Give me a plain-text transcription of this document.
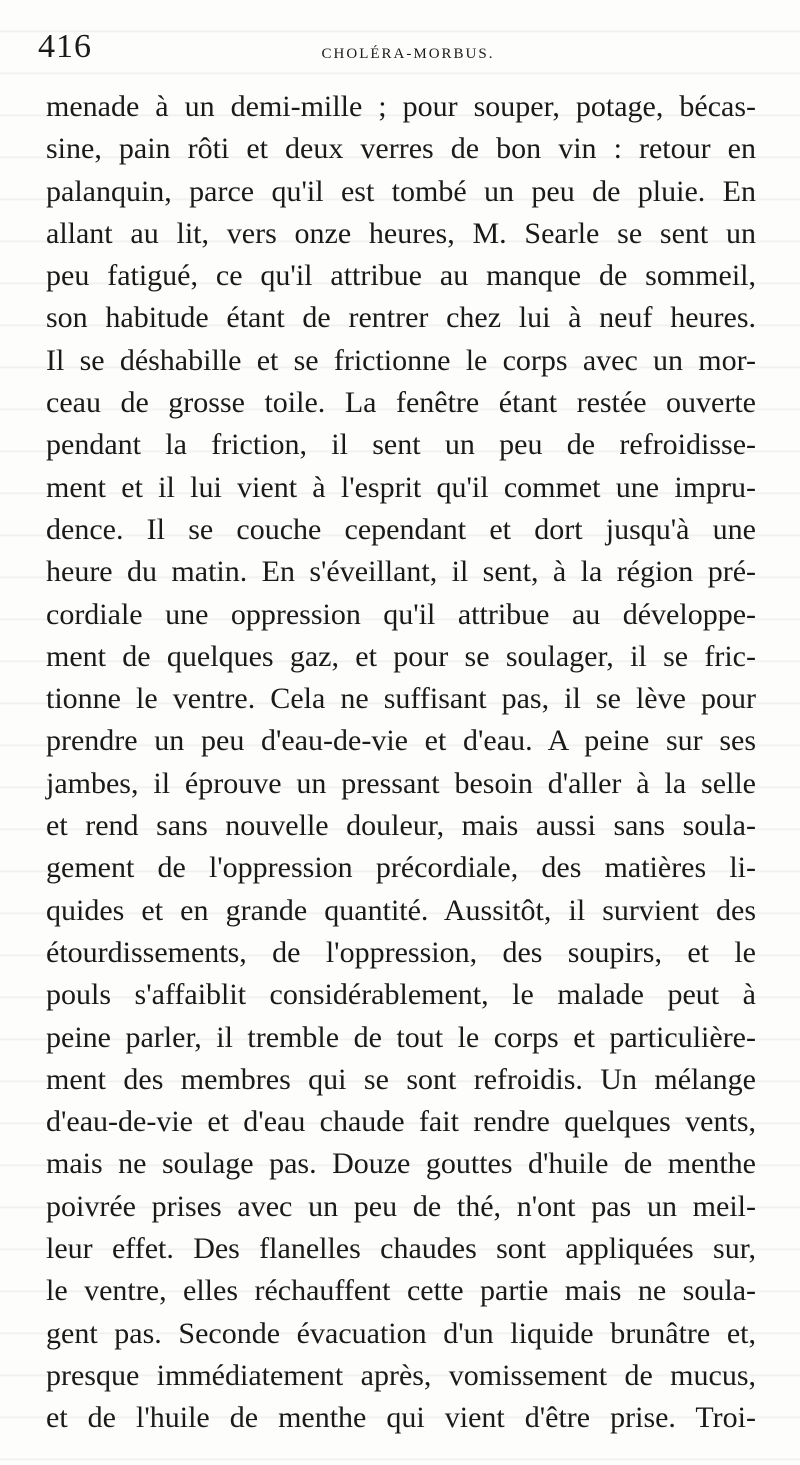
416	CHOLÉRA-MORBUS.
menade à un demi-mille ; pour souper, potage, bécas-
sine, pain rôti et deux verres de bon vin : retour en
palanquin, parce qu'il est tombé un peu de pluie. En
allant au lit, vers onze heures, M. Searle se sent un
peu fatigué, ce qu'il attribue au manque de sommeil,
son habitude étant de rentrer chez lui à neuf heures.
Il se déshabille et se frictionne le corps avec un mor-
ceau de grosse toile. La fenêtre étant restée ouverte
pendant la friction, il sent un peu de refroidisse-
ment et il lui vient à l'esprit qu'il commet une impru-
dence. Il se couche cependant et dort jusqu'à une
heure du matin. En s'éveillant, il sent, à la région pré-
cordiale une oppression qu'il attribue au développe-
ment de quelques gaz, et pour se soulager, il se fric-
tionne le ventre. Cela ne suffisant pas, il se lève pour
prendre un peu d'eau-de-vie et d'eau. A peine sur ses
jambes, il éprouve un pressant besoin d'aller à la selle
et rend sans nouvelle douleur, mais aussi sans soula-
gement de l'oppression précordiale, des matières li-
quides et en grande quantité. Aussitôt, il survient des
étourdissements, de l'oppression, des soupirs, et le
pouls s'affaiblit considérablement, le malade peut à
peine parler, il tremble de tout le corps et particulière-
ment des membres qui se sont refroidis. Un mélange
d'eau-de-vie et d'eau chaude fait rendre quelques vents,
mais ne soulage pas. Douze gouttes d'huile de menthe
poivrée prises avec un peu de thé, n'ont pas un meil-
leur effet. Des flanelles chaudes sont appliquées sur,
le ventre, elles réchauffent cette partie mais ne soula-
gent pas. Seconde évacuation d'un liquide brunâtre et,
presque immédiatement après, vomissement de mucus,
et de l'huile de menthe qui vient d'être prise. Troi-
